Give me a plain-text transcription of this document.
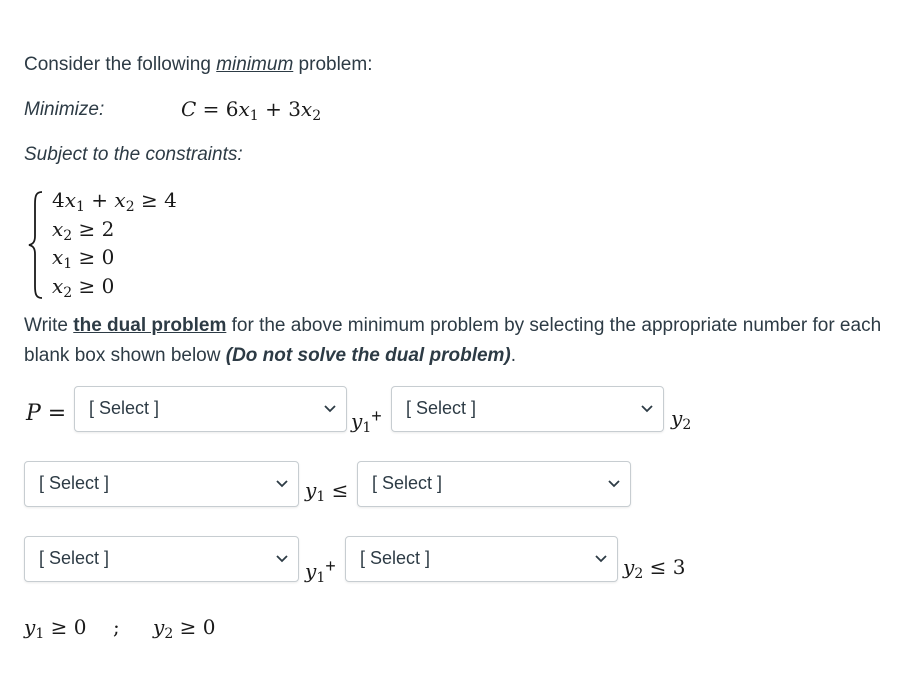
Consider the following minimum problem:
Minimize:	$C = 6x_1 + 3x_2$
Subject to the constraints:
$4x_1 + x_2 \ge 4$
$x_2 \ge 2$
$x_1 \ge 0$
$x_2 \ge 0$
Write the dual problem for the above minimum problem by selecting the appropriate number for each
blank box shown below (Do not solve the dual problem).
P = [ Select ]
$y_1+$ [ Select ]	$y_2$
[ Select ]	$y_1$ ≤ [ Select ]
[ Select ]
$y_1+$ [ Select ]	$y_2 \le 3$
$y_1 \ge 0$ ; $y_2 \ge 0$
